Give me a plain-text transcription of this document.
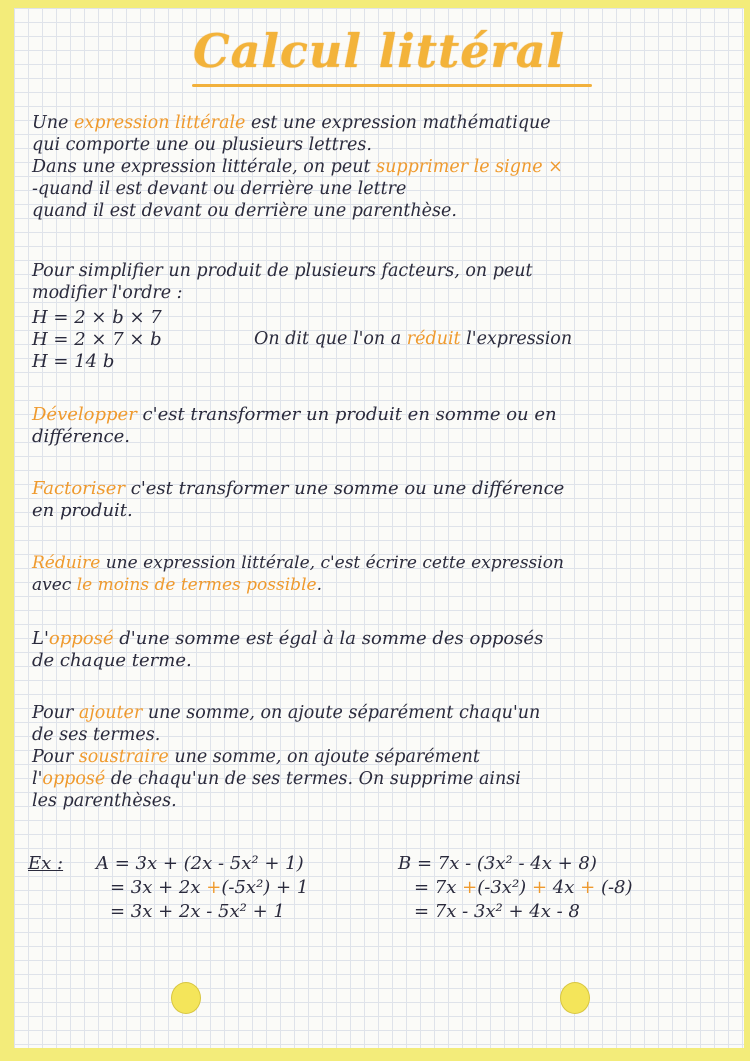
Calcul littéral
Une expression littérale est une expression mathématique
qui comporte une ou plusieurs lettres.
Dans une expression littérale, on peut supprimer le signe ×
-quand il est devant ou derrière une lettre
quand il est devant ou derrière une parenthèse.
Pour simplifier un produit de plusieurs facteurs, on peut
modifier l'ordre :
H = 2 × b × 7
H = 2 × 7 × b
H = 14 b
On dit que l'on a réduit l'expression
Développer c'est transformer un produit en somme ou en
différence.
Factoriser c'est transformer une somme ou une différence
en produit.
Réduire une expression littérale, c'est écrire cette expression
avec le moins de termes possible.
L'opposé d'une somme est égal à la somme des opposés
de chaque terme.
Pour ajouter une somme, on ajoute séparément chaqu'un
de ses termes.
Pour soustraire une somme, on ajoute séparément
l'opposé de chaqu'un de ses termes. On supprime ainsi
les parenthèses.
Ex : A = 3x + (2x - 5x² + 1)
= 3x + 2x +(-5x²) + 1
= 3x + 2x - 5x² + 1
B = 7x - (3x² - 4x + 8)
= 7x +(-3x²) + 4x + (-8)
= 7x - 3x² + 4x - 8
